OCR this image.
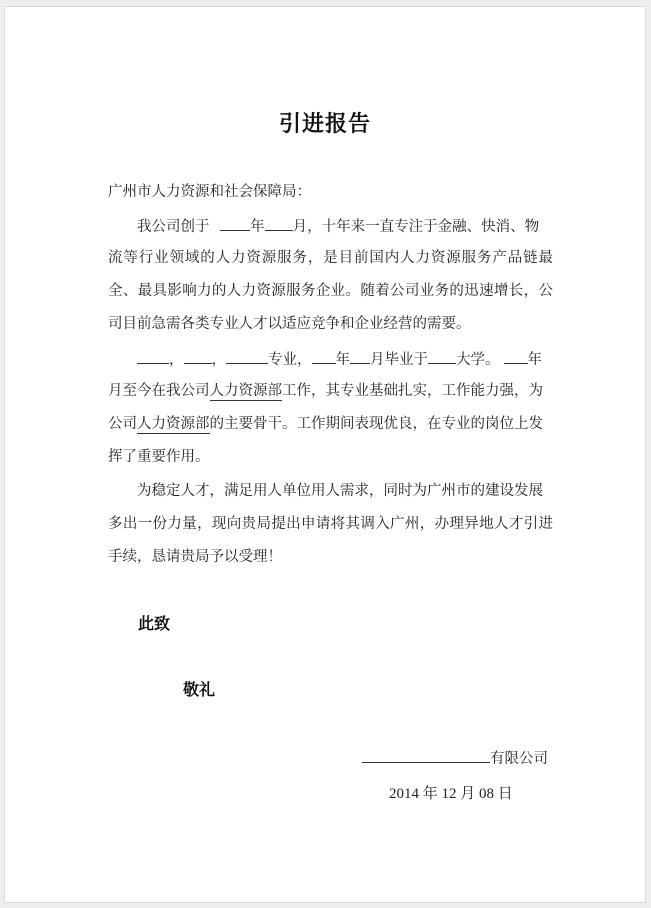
引进报告
广州市人力资源和社会保障局：
我公司创于	年 月，十年来一直专注于金融、快消、物
流等行业领域的人力资源服务，是目前国内人力资源服务产品链最
全、最具影响力的人力资源服务企业。随着公司业务的迅速增长，公
司目前急需各类专业人才以适应竞争和企业经营的需要。
， ，	专业， 年 月毕业于 大学。 年
月至今在我公司人力资源部工作，其专业基础扎实，工作能力强，为
公司人力资源部的主要骨干。工作期间表现优良，在专业的岗位上发
挥了重要作用。
为稳定人才，满足用人单位用人需求，同时为广州市的建设发展
多出一份力量，现向贵局提出申请将其调入广州，办理异地人才引进
手续，恳请贵局予以受理！
此致
敬礼
有限公司
2014 年 12 月 08 日
